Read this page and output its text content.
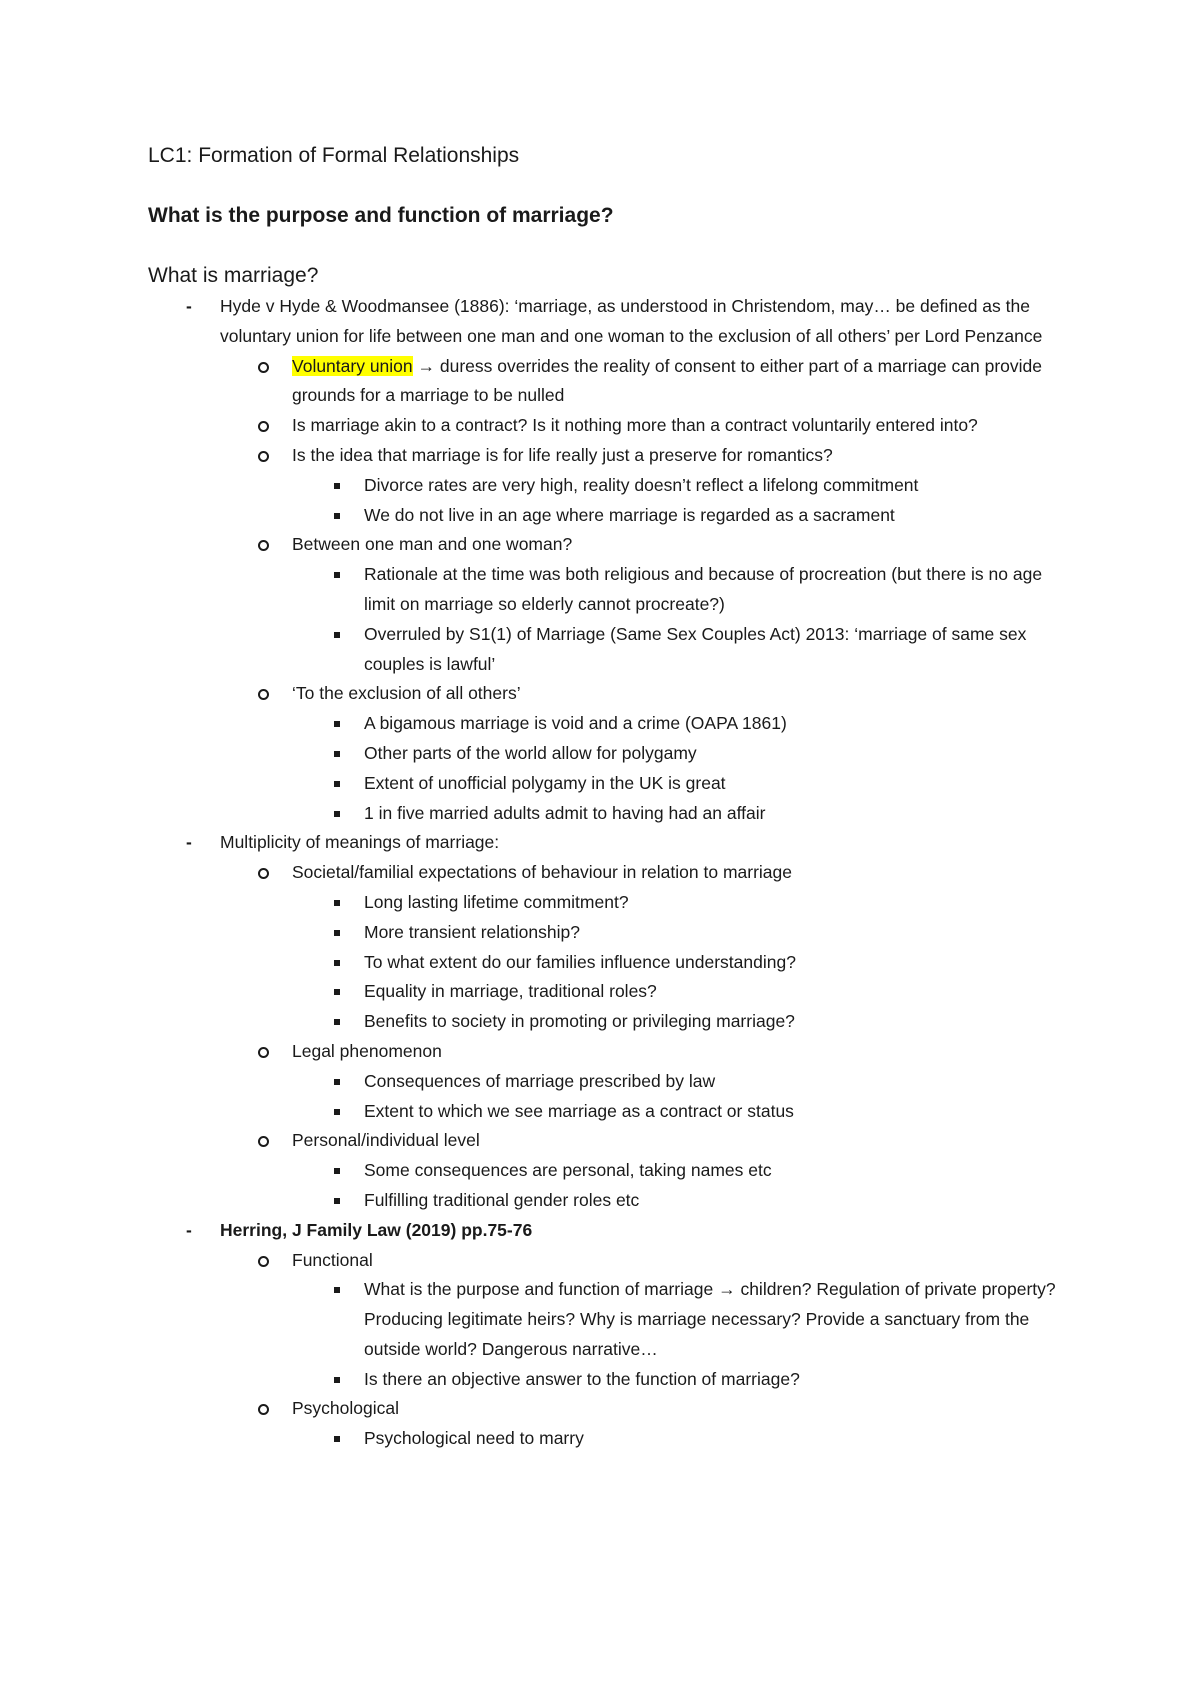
LC1: Formation of Formal Relationships

What is the purpose and function of marriage?

What is marriage?

- Hyde v Hyde & Woodmansee (1886): ‘marriage, as understood in Christendom, may… be defined as the voluntary union for life between one man and one woman to the exclusion of all others’ per Lord Penzance
Voluntary union → duress overrides the reality of consent to either part of a marriage can provide grounds for a marriage to be nulled
Is marriage akin to a contract? Is it nothing more than a contract voluntarily entered into?
Is the idea that marriage is for life really just a preserve for romantics?
Divorce rates are very high, reality doesn’t reflect a lifelong commitment
We do not live in an age where marriage is regarded as a sacrament
Between one man and one woman?
Rationale at the time was both religious and because of procreation (but there is no age limit on marriage so elderly cannot procreate?)
Overruled by S1(1) of Marriage (Same Sex Couples Act) 2013: ‘marriage of same sex couples is lawful’
‘To the exclusion of all others’
A bigamous marriage is void and a crime (OAPA 1861)
Other parts of the world allow for polygamy
Extent of unofficial polygamy in the UK is great
1 in five married adults admit to having had an affair
- Multiplicity of meanings of marriage:
Societal/familial expectations of behaviour in relation to marriage
Long lasting lifetime commitment?
More transient relationship?
To what extent do our families influence understanding?
Equality in marriage, traditional roles?
Benefits to society in promoting or privileging marriage?
Legal phenomenon
Consequences of marriage prescribed by law
Extent to which we see marriage as a contract or status
Personal/individual level
Some consequences are personal, taking names etc
Fulfilling traditional gender roles etc
- Herring, J Family Law (2019) pp.75-76
Functional
What is the purpose and function of marriage → children? Regulation of private property? Producing legitimate heirs? Why is marriage necessary? Provide a sanctuary from the outside world? Dangerous narrative…
Is there an objective answer to the function of marriage?
Psychological
Psychological need to marry
